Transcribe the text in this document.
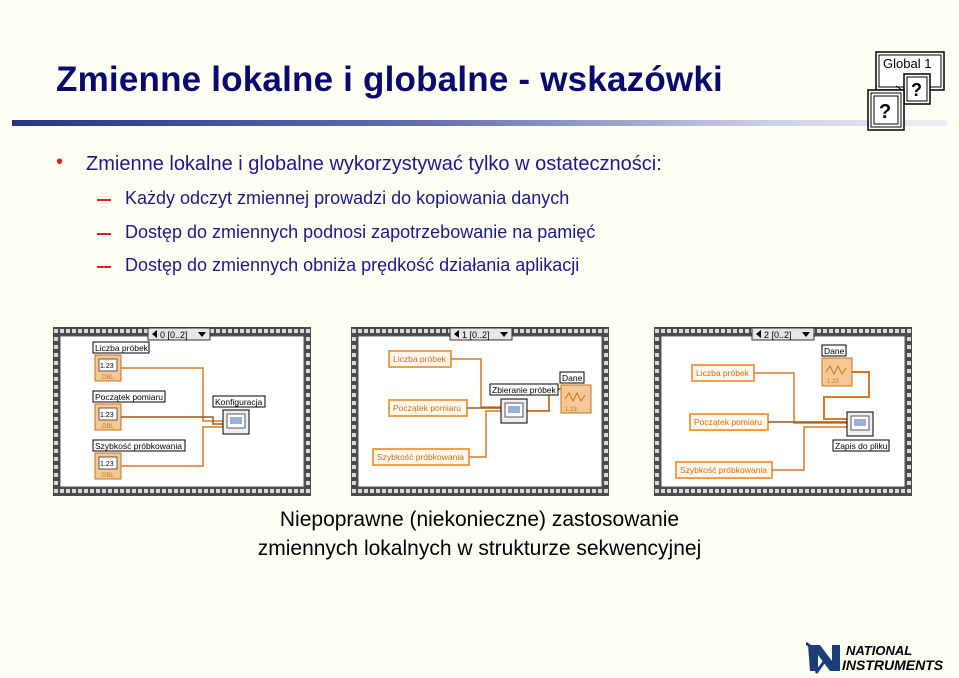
Zmienne lokalne i globalne - wskazówki	Global 1
?
?
• Zmienne lokalne i globalne wykorzystywać tylko w ostateczności:
Każdy odczyt zmiennej prowadzi do kopiowania danych
Dostęp do zmiennych podnosi zapotrzebowanie na pamięć
Dostęp do zmiennych obniża prędkość działania aplikacji
0 [0..2]
Liczba próbek
1.23
DBL
Początek pomiaru
1.23
DBL
Szybkość próbkowania
1.23
DBL
Konfiguracja
1 [0..2]
Liczba próbek
Początek pomiaru
Szybkość próbkowania
Zbieranie próbek
Dane
1.23
2 [0..2]
Dane
1.23
Liczba próbek
Początek pomiaru
Szybkość próbkowania
Zapis do pliku
Niepoprawne (niekonieczne) zastosowanie
zmiennych lokalnych w strukturze sekwencyjnej
NATIONAL
INSTRUMENTS
